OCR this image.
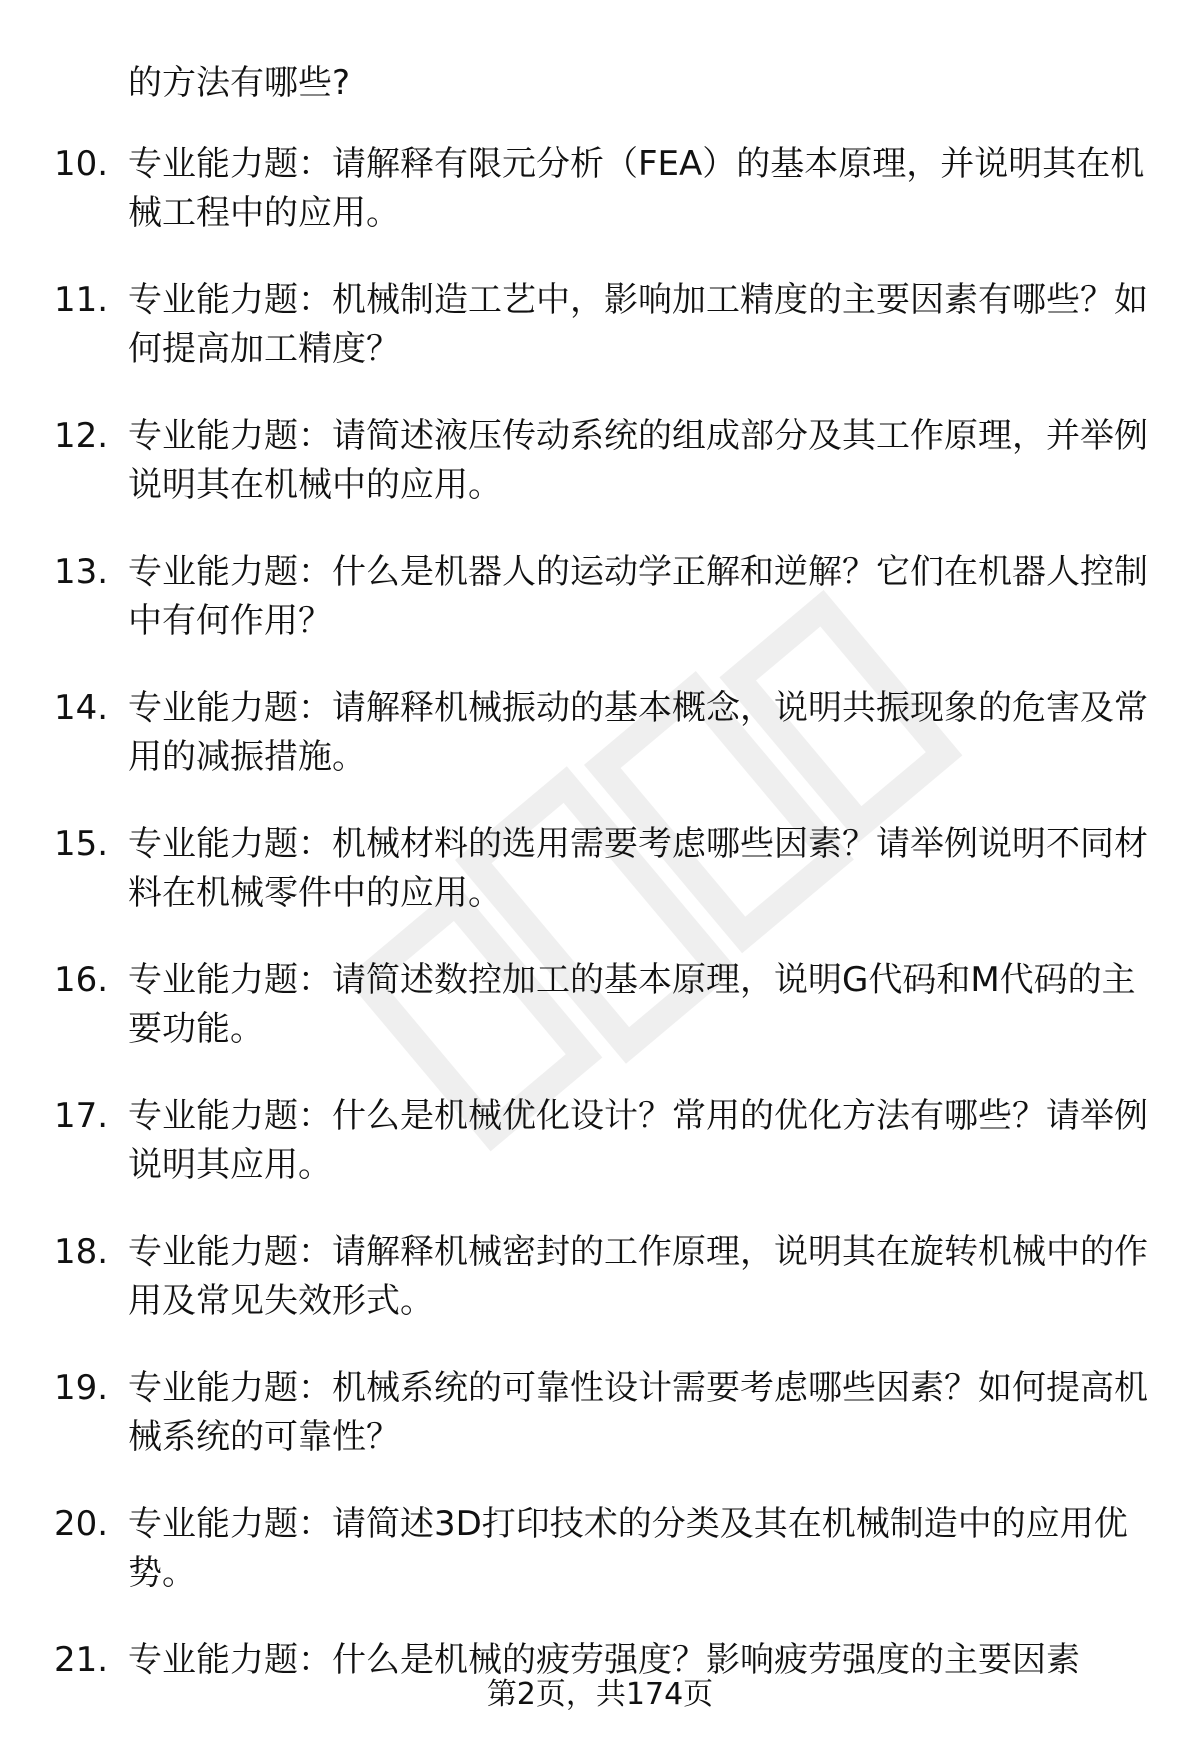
的方法有哪些?

10. 专业能力题：请解释有限元分析（FEA）的基本原理，并说明其在机械工程中的应用。
11. 专业能力题：机械制造工艺中，影响加工精度的主要因素有哪些？如何提高加工精度？
12. 专业能力题：请简述液压传动系统的组成部分及其工作原理，并举例说明其在机械中的应用。
13. 专业能力题：什么是机器人的运动学正解和逆解？它们在机器人控制中有何作用？
14. 专业能力题：请解释机械振动的基本概念，说明共振现象的危害及常用的减振措施。
15. 专业能力题：机械材料的选用需要考虑哪些因素？请举例说明不同材料在机械零件中的应用。
16. 专业能力题：请简述数控加工的基本原理，说明G代码和M代码的主要功能。
17. 专业能力题：什么是机械优化设计？常用的优化方法有哪些？请举例说明其应用。
18. 专业能力题：请解释机械密封的工作原理，说明其在旋转机械中的作用及常见失效形式。
19. 专业能力题：机械系统的可靠性设计需要考虑哪些因素？如何提高机械系统的可靠性？
20. 专业能力题：请简述3D打印技术的分类及其在机械制造中的应用优势。
21. 专业能力题：什么是机械的疲劳强度？影响疲劳强度的主要因素
第2页，共174页
